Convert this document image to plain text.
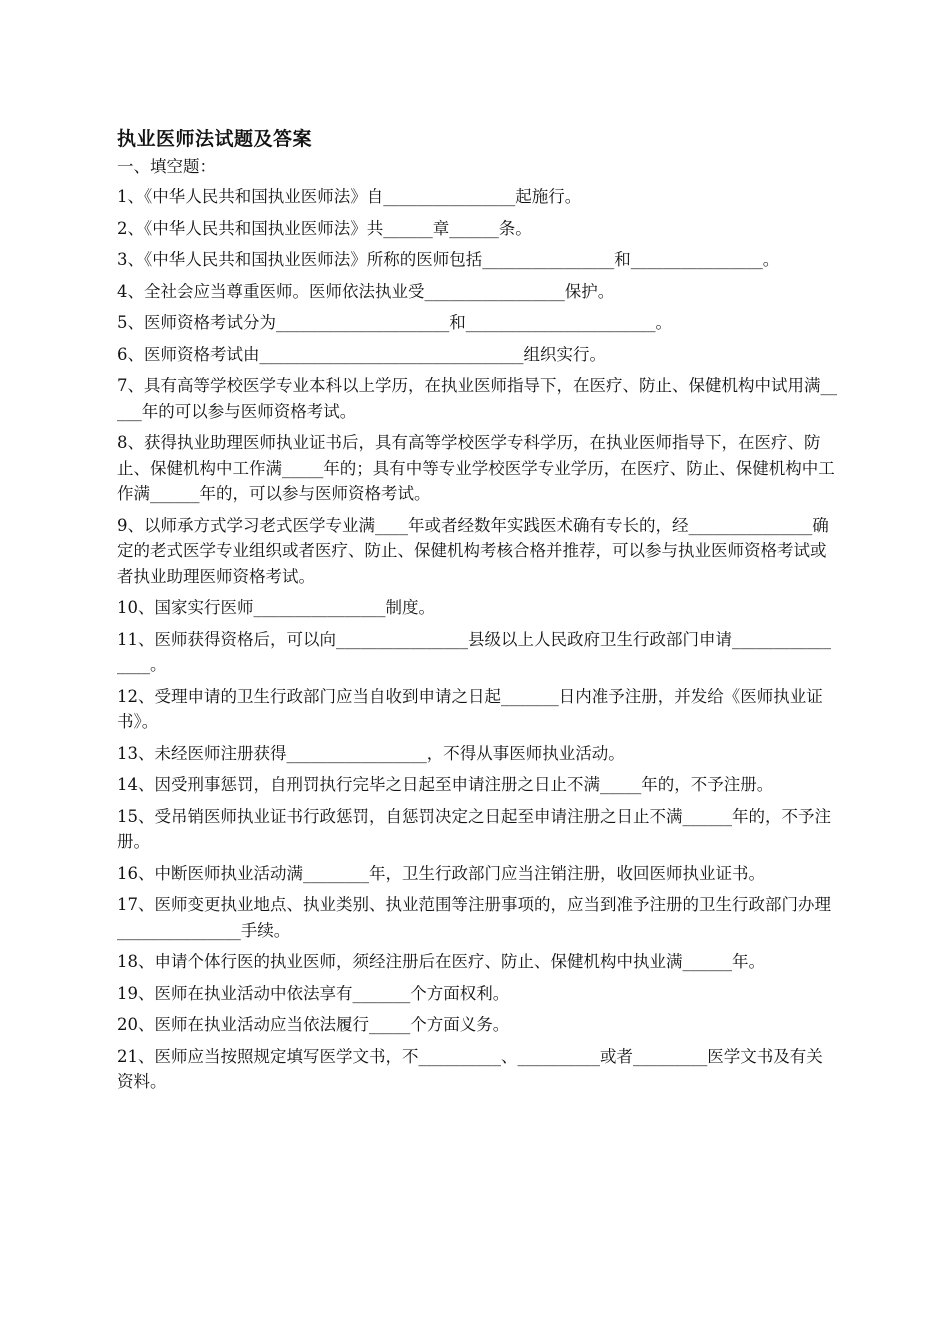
执业医师法试题及答案

一、填空题：

1、《中华人民共和国执业医师法》自________________起施行。

2、《中华人民共和国执业医师法》共______章______条。

3、《中华人民共和国执业医师法》所称的医师包括________________和________________。

4、全社会应当尊重医师。医师依法执业受_________________保护。

5、医师资格考试分为_____________________和_______________________。

6、医师资格考试由________________________________组织实行。

7、具有高等学校医学专业本科以上学历，在执业医师指导下，在医疗、防止、保健机构中试用满_____年的可以参与医师资格考试。

8、获得执业助理医师执业证书后，具有高等学校医学专科学历，在执业医师指导下，在医疗、防止、保健机构中工作满_____年的；具有中等专业学校医学专业学历，在医疗、防止、保健机构中工作满______年的，可以参与医师资格考试。

9、以师承方式学习老式医学专业满____年或者经数年实践医术确有专长的，经_______________确定的老式医学专业组织或者医疗、防止、保健机构考核合格并推荐，可以参与执业医师资格考试或者执业助理医师资格考试。

10、国家实行医师________________制度。

11、医师获得资格后，可以向________________县级以上人民政府卫生行政部门申请________________。

12、受理申请的卫生行政部门应当自收到申请之日起_______日内准予注册，并发给《医师执业证书》。

13、未经医师注册获得_________________，不得从事医师执业活动。

14、因受刑事惩罚，自刑罚执行完毕之日起至申请注册之日止不满_____年的，不予注册。

15、受吊销医师执业证书行政惩罚，自惩罚决定之日起至申请注册之日止不满______年的，不予注册。

16、中断医师执业活动满________年，卫生行政部门应当注销注册，收回医师执业证书。

17、医师变更执业地点、执业类别、执业范围等注册事项的，应当到准予注册的卫生行政部门办理_______________手续。

18、申请个体行医的执业医师，须经注册后在医疗、防止、保健机构中执业满______年。

19、医师在执业活动中依法享有_______个方面权利。

20、医师在执业活动应当依法履行_____个方面义务。

21、医师应当按照规定填写医学文书，不__________、__________或者_________医学文书及有关资料。
